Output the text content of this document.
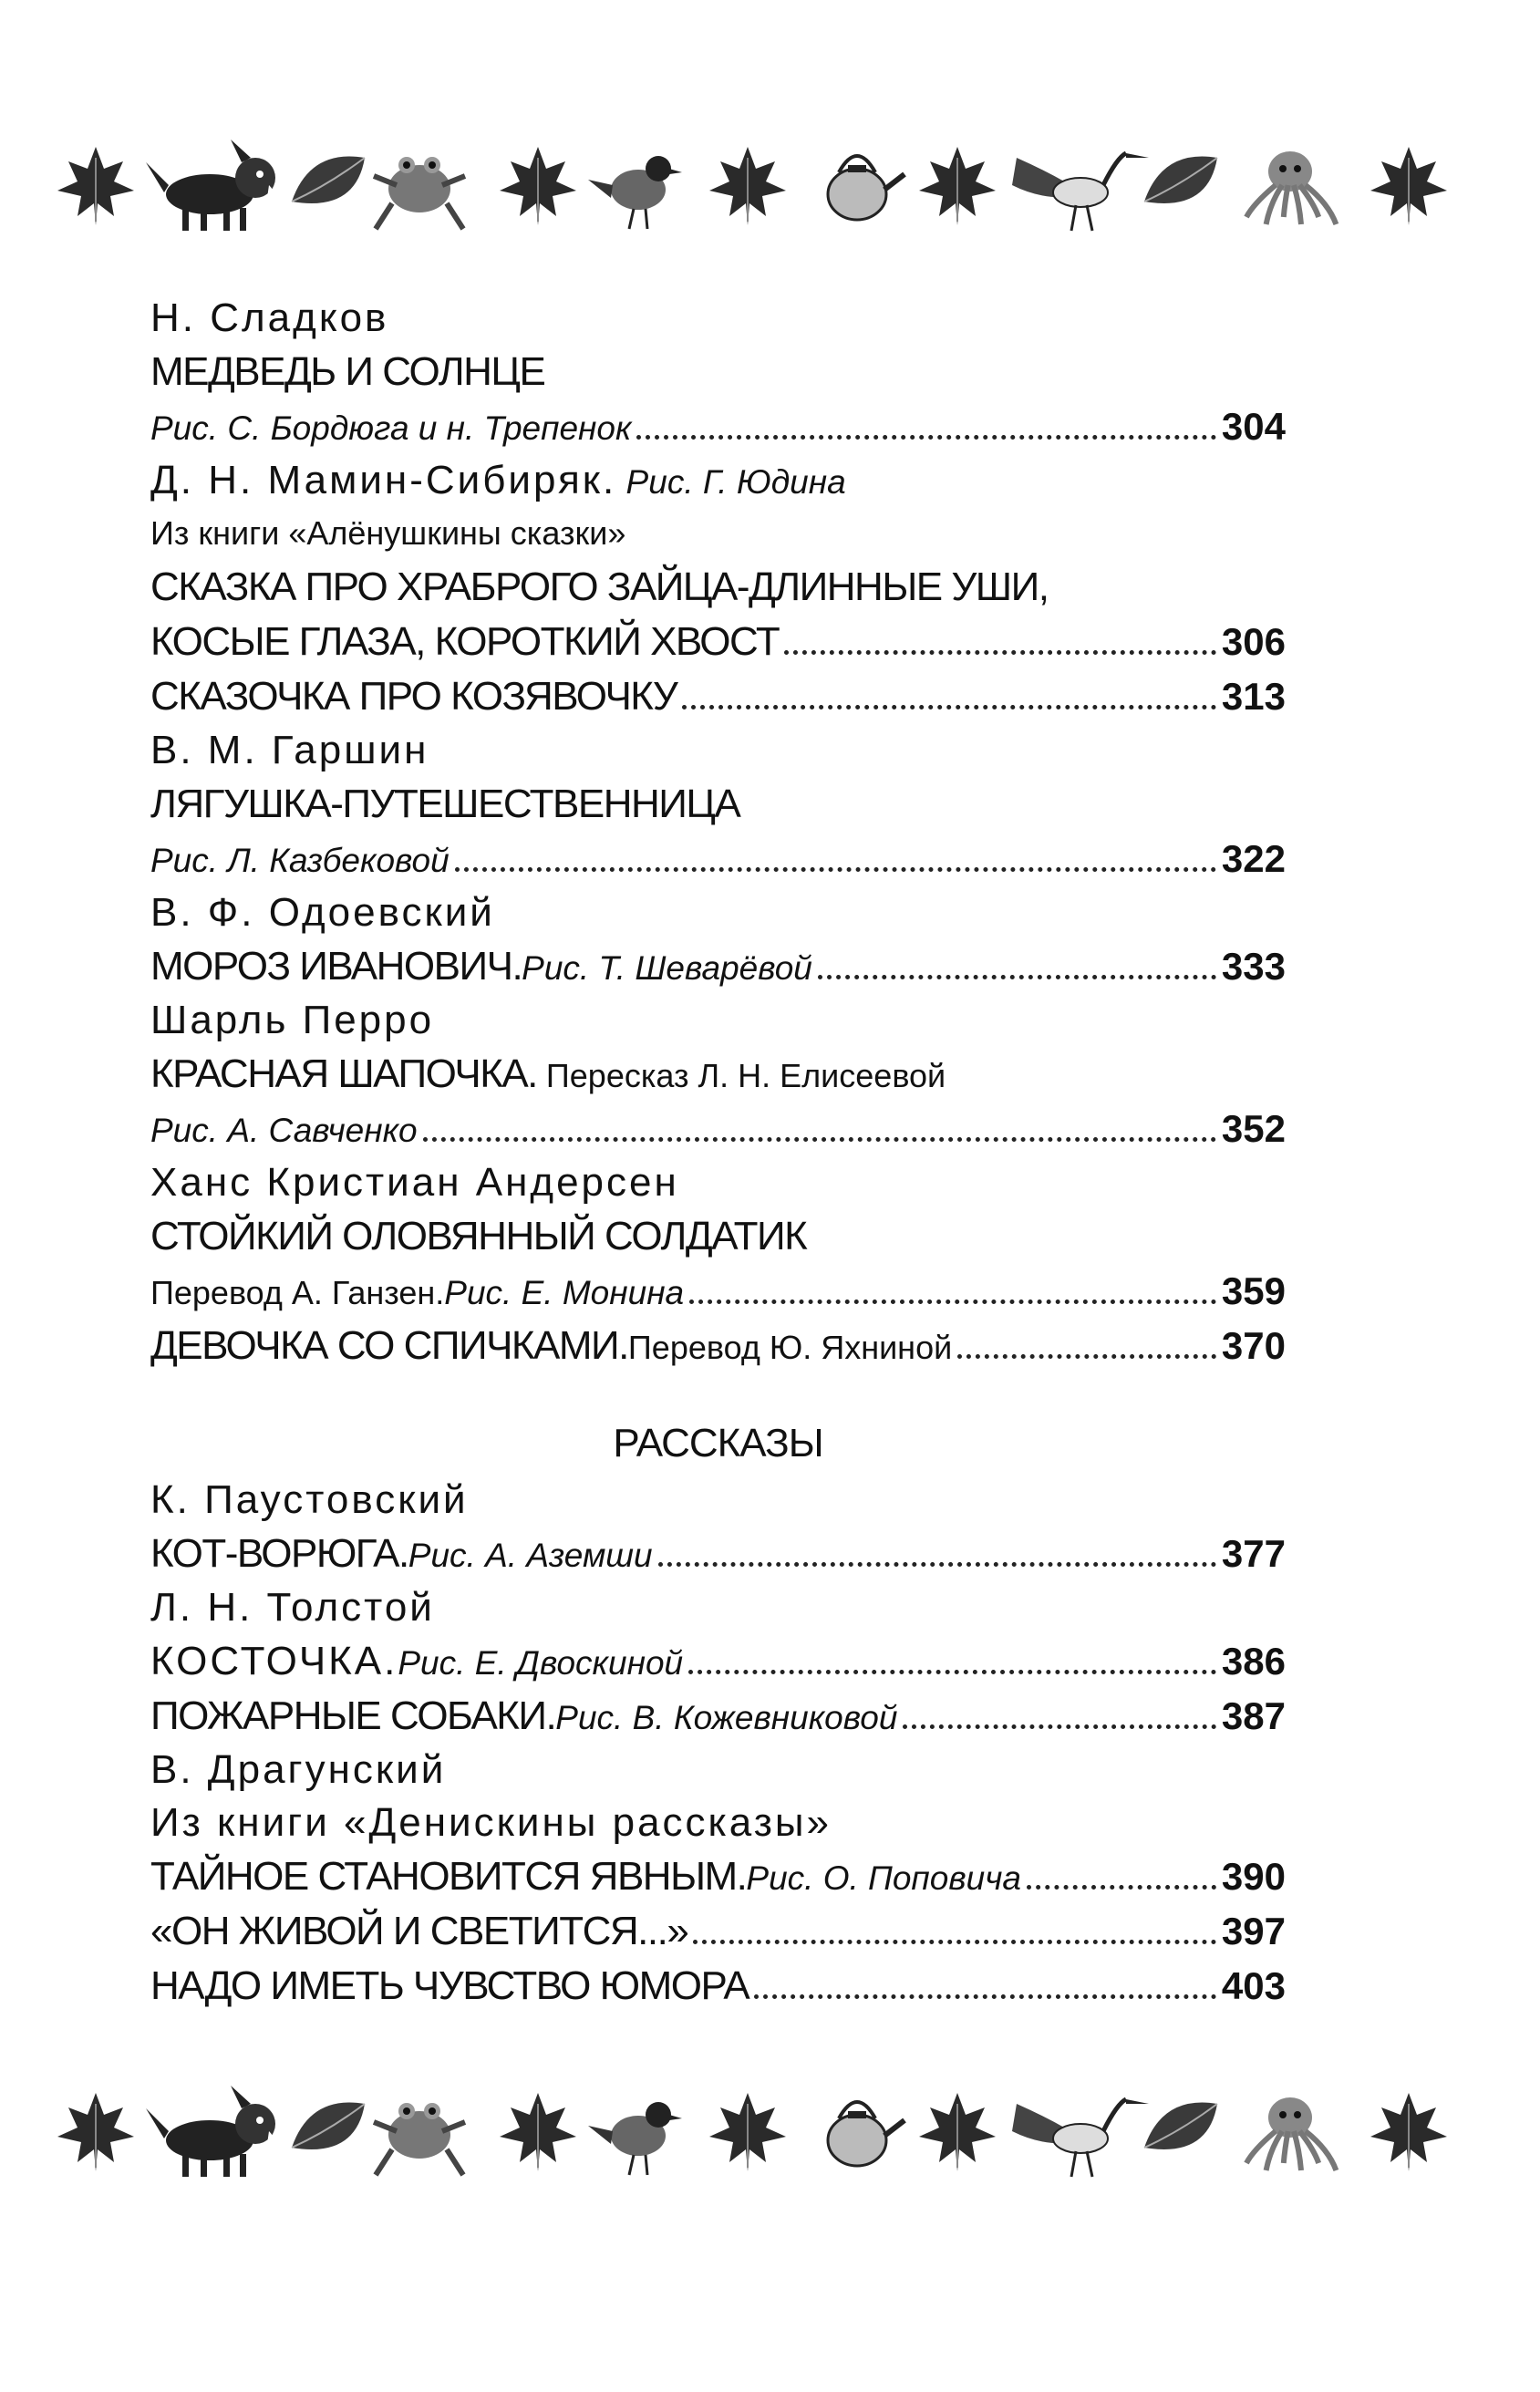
Н. Сладков
МЕДВЕДЬ И СОЛНЦЕ
Рис. С. Бордюга и н. Трепенок	304
Д. Н. Мамин-Сибиряк. Рис. Г. Юдина
Из книги «Алёнушкины сказки»
СКАЗКА ПРО ХРАБРОГО ЗАЙЦА-ДЛИННЫЕ УШИ,
КОСЫЕ ГЛАЗА, КОРОТКИЙ ХВОСТ	306
СКАЗОЧКА ПРО КОЗЯВОЧКУ	313
В. М. Гаршин
ЛЯГУШКА-ПУТЕШЕСТВЕННИЦА
Рис. Л. Казбековой	322
В. Ф. Одоевский
МОРОЗ ИВАНОВИЧ. Рис. Т. Шеварёвой	333
Шарль Перро
КРАСНАЯ ШАПОЧКА. Пересказ Л. Н. Елисеевой
Рис. А. Савченко	352
Ханс Кристиан Андерсен
СТОЙКИЙ ОЛОВЯННЫЙ СОЛДАТИК
Перевод А. Ганзен. Рис. Е. Монина	359
ДЕВОЧКА СО СПИЧКАМИ. Перевод Ю. Яхниной	370
РАССКАЗЫ
К. Паустовский
КОТ-ВОРЮГА. Рис. А. Аземши	377
Л. Н. Толстой
КОСТОЧКА. Рис. Е. Двоскиной	386
ПОЖАРНЫЕ СОБАКИ. Рис. В. Кожевниковой	387
В. Драгунский
Из книги «Денискины рассказы»
ТАЙНОЕ СТАНОВИТСЯ ЯВНЫМ. Рис. О. Поповича	390
«ОН ЖИВОЙ И СВЕТИТСЯ...»	397
НАДО ИМЕТЬ ЧУВСТВО ЮМОРА	403
